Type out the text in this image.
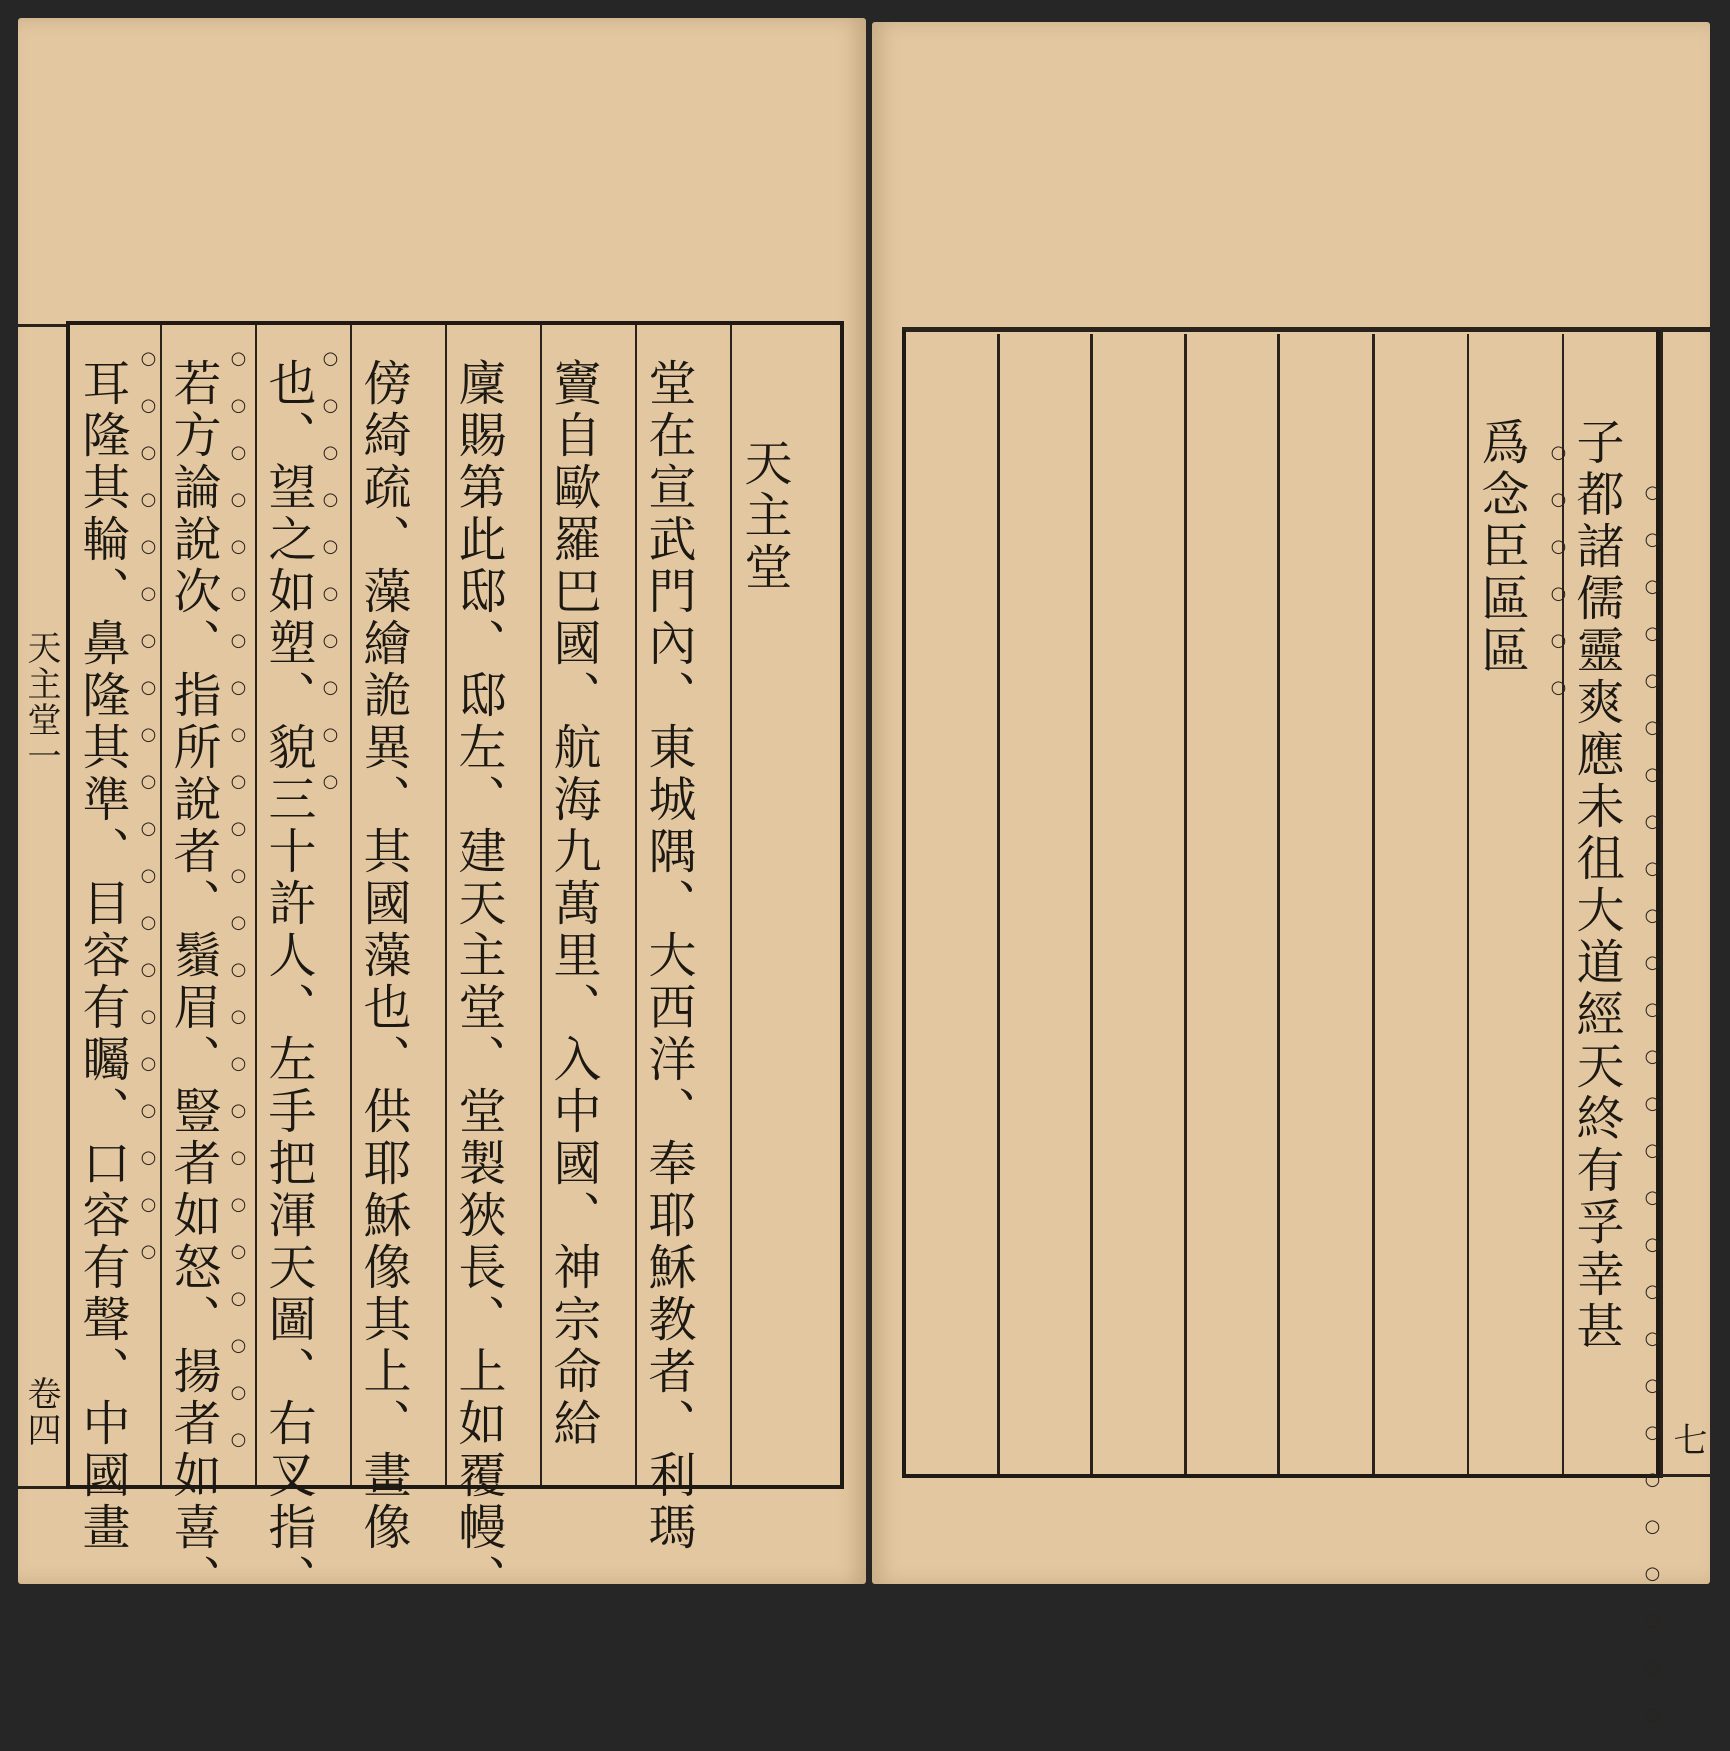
天主堂
堂在宣武門內、東城隅、大西洋、奉耶穌教者、利瑪
竇自歐羅巴國、航海九萬里、入中國、神宗命給
廩賜第此邸、邸左、建天主堂、堂製狹長、上如覆幔、
傍綺疏、藻繪詭異、其國藻也、供耶穌像其上、畫像
也、望之如塑、貌三十許人、左手把渾天圖、右叉指、
若方論說次、指所說者、鬚眉、豎者如怒、揚者如喜、
耳隆其輪、鼻隆其準、目容有矚、口容有聲、中國畫	○○○○○○○○○○
○○○○○○○○○○○○○○○○○○○○○○○○
○○○○○○○○○○○○○○○○○○○○
天主堂一
卷四
子都諸儒靈爽應未徂大道經天終有孚幸甚
爲念臣區區	○○○○○○○○○○○○○○○○○○○○○○○○○○○
○○○○○○
七
